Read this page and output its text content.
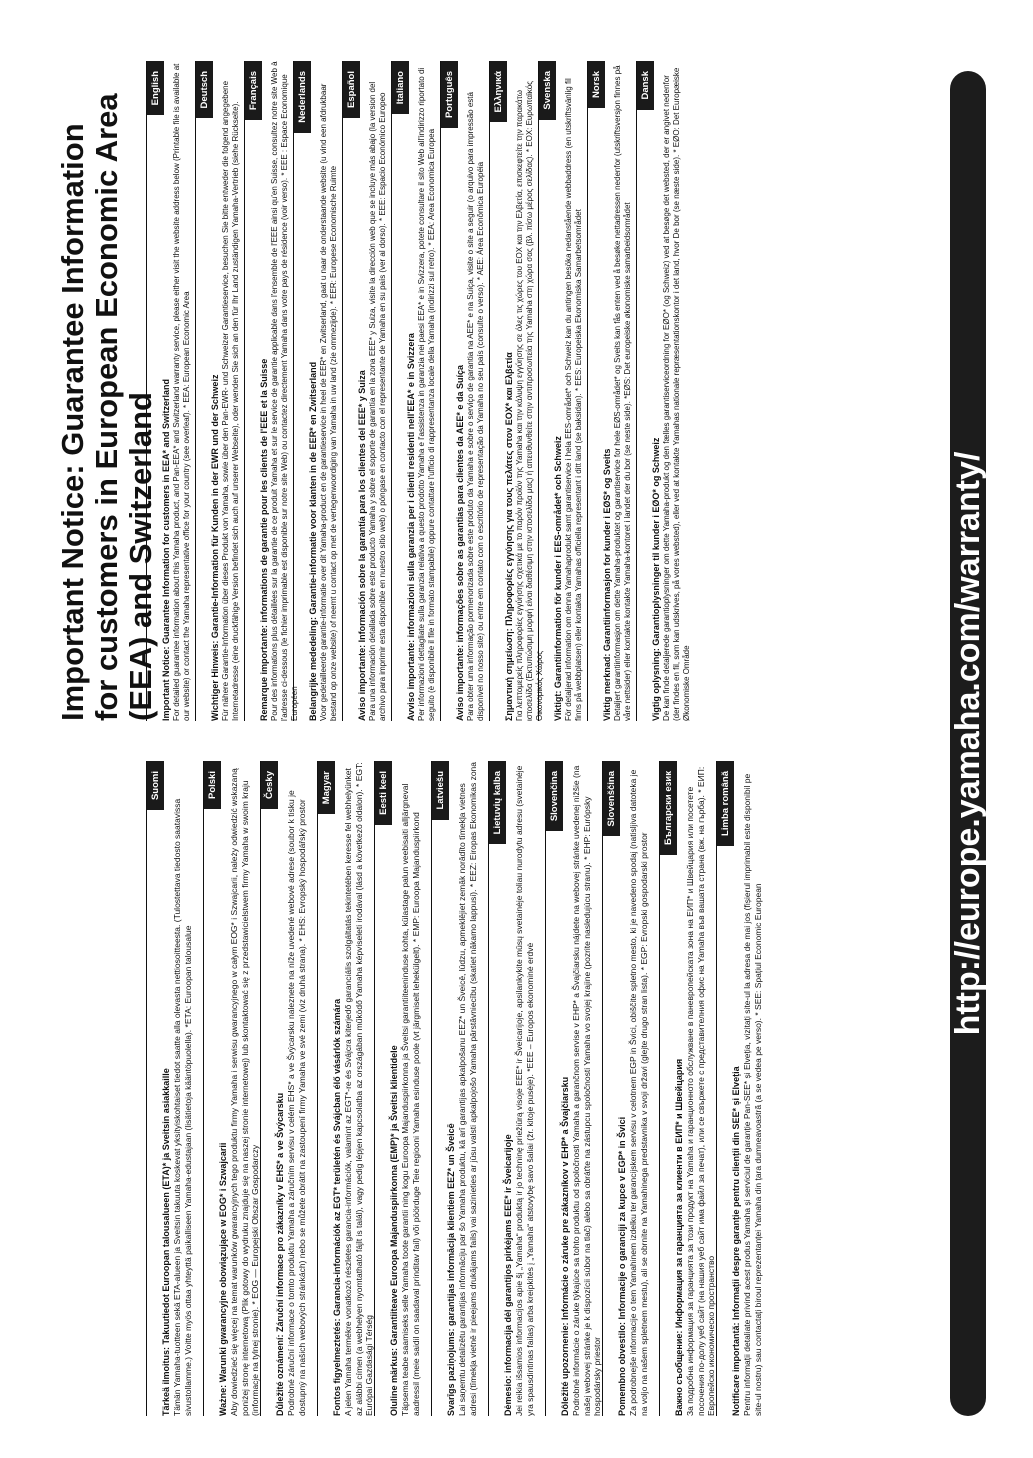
Important Notice: Guarantee Information for customers in European Economic Area (EEA) and Switzerland
English
Important Notice: Guarantee Information for customers in EEA* and Switzerland For detailed guarantee information about this Yamaha product, and Pan-EEA* and Switzerland warranty service, please either visit the website address below (Printable file is available at our website) or contact the Yamaha representative office for your country (see overleaf). * EEA: European Economic Area
Deutsch
Wichtiger Hinweis: Garantie-Information für Kunden in der EWR und der Schweiz Für nähere Garantie-Information über dieses Produkt von Yamaha, sowie über den Pan-EWR- und Schweizer Garantieservice, besuchen Sie bitte entweder die folgend angegebene Internetadresse (eine druckfähige Version befindet sich auch auf unserer Webseite), oder wenden Sie sich an den für Ihr Land zuständigen Yamaha-Vertrieb (siehe Rückseite).
Français
Remarque importante: informations de garantie pour les clients de l'EEE et la Suisse Pour des informations plus détaillées sur la garantie de ce produit Yamaha et sur le service de garantie applicable dans l'ensemble de l'EEE ainsi qu'en Suisse, consultez notre site Web à l'adresse ci-dessous (le fichier imprimable est disponible sur notre site Web) ou contactez directement Yamaha dans votre pays de résidence (voir verso). * EEE : Espace Economique Européen
Nederlands
Belangrijke mededeling: Garantie-informatie voor klanten in de EER* en Zwitserland Voor gedetailleerde garantie-informatie over dit Yamaha-product en de garantieservice in heel de EER* en Zwitserland, gaat u naar de onderstaande website (u vind een afdrukbaar bestand op onze website) of neemt u contact op met de vertegenwoordiging van Yamaha in uw land (zie ommezijde). * EER: Europese Economische Ruimte
Español
Aviso importante: Información sobre la garantía para los clientes del EEE* y Suiza Para una información detallada sobre este producto Yamaha y sobre el soporte de garantía en la zona EEE* y Suiza, visite la dirección web que se incluye más abajo (la version del archivo para imprimir esta disponible en nuestro sitio web) o póngase en contacto con el representante de Yamaha en su país (ver al dorso). * EEE: Espacio Económico Europeo
Italiano
Avviso importante: informazioni sulla garanzia per i clienti residenti nell'EEA* e in Svizzera Per informazioni dettagliate sulla garanzia relativa a questo prodotto Yamaha e l'assistenza in garanzia nei paesi EEA* e in Svizzera, potete consultare il sito Web all'indirizzo riportato di seguito (è disponibile il file in formato stampabile) oppure contattare l'ufficio di rappresentanza locale della Yamaha (indirizzi sul retro). * EEA: Area Economica Europea
Português
Aviso importante: informações sobre as garantias para clientes da AEE* e da Suíça Para obter uma informação pormenorizada sobre este produto da Yamaha e sobre o serviço de garantia na AEE* e na Suíça, visite o site a seguir (o arquivo para impressão está disponível no nosso site) ou entre em contato com o escritório de representação da Yamaha no seu país (consulte o verso). * AEE: Área Econômica Européia
Ελληνικά
Σημαντική σημείωση: Πληροφορίες εγγύησης για τους πελάτες στον ΕΟΧ* και Ελβετία Για λεπτομερείς πληροφορίες εγγύησης σχετικά με το παρόν προϊόν της Yamaha και την κάλυψη εγγύησης σε όλες τις χώρες του ΕΟΧ και την Ελβετία, επισκεφτείτε την παρακάτω ιστοσελίδα (Εκτυπώσιμη μορφή είναι διαθέσιμη στην ιστοσελίδα μας) ή απευθυνθείτε στην αντιπροσωπεία της Yamaha στη χώρα σας (βλ. πίσω μέρος σελίδας). * ΕΟΧ: Ευρωπαϊκός Οικονομικός Χώρος
Svenska
Viktigt: Garantiinformation för kunder i EES-området* och Schweiz För detaljerad information om denna Yamahaprodukt samt garantiservice i hela EES-området* och Schweiz kan du antingen besöka nedanstående webbaddress (en utskriftsvänlig fil finns på webbplatsen) eller kontakta Yamahas officiella representant i ditt land (se baksidan). * EES: Europeiska Ekonomiska Samarbetsområdet
Norsk
Viktig merknad: Garantiinformasjon for kunder i EØS* og Sveits Detaljert garantiinformasjon om dette Yamaha-produktet og garantiservice for hele EØS-området* og Sveits kan fås enten ved å besøke nettadressen nedenfor (utskriftsversjon finnes på våre nettsider) eller kontakte kontakte Yamaha-kontoret i landet der du bor (se neste side). *EØS: Det europeiske økonomiske samarbeidsområdet
Dansk
Vigtig oplysning: Garantioplysninger til kunder i EØO* og Schweiz De kan finde detaljerede garantioplysninger om dette Yamaha-produkt og den fælles garantiserviceordning for EØO* (og Schweiz) ved at besøge det websted, der er angivet nedenfor (der findes en fil, som kan udskrives, på vores websted), eller ved at kontakte Yamahas nationale repræsentationskontor i det land, hvor De bor (se næste side). * EØO: Det Europæiske Økonomiske Område
Suomi
Tärkeä ilmoitus: Takuutiedot Euroopan talousalueen (ETA)* ja Sveitsin asiakkaille Tämän Yamaha-tuotteen sekä ETA-alueen ja Sveitsin takuuta koskevat yksityiskohtaiset tiedot saatte alla olevasta nettiosoitteesta. (Tulostettava tiedosto saatavissa sivustollamme.) Voitte myös ottaa yhteyttä paikalliseen Yamaha-edustajaan (lisätietoja kääntöpuolella). *ETA: Euroopan talousalue
Polski
Ważne: Warunki gwarancyjne obowiązujące w EOG* i Szwajcarii Aby dowiedzieć się więcej na temat warunków gwarancyjnych tego produktu firmy Yamaha i serwisu gwarancyjnego w całym EOG* i Szwajcarii, należy odwiedzić wskazaną poniżej stronę internetową (Plik gotowy do wydruku znajduje się na naszej stronie internetowej) lub skontaktować się z przedstawicielstwem firmy Yamaha w swoim kraju (informacje na tylnej stronie). * EOG — Europejski Obszar Gospodarczy
Česky
Důležité oznámení: Záruční informace pro zákazníky v EHS* a ve Švýcarsku Podrobné záruční informace o tomto produktu Yamaha a záručním servisu v celém EHS* a ve Švýcarsku naleznete na níže uvedené webové adrese (soubor k tisku je dostupný na našich webových stránkách) nebo se můžete obrátit na zastoupení firmy Yamaha ve své zemi (viz druhá strana). * EHS: Evropský hospodářský prostor
Magyar
Fontos figyelmeztetés: Garancia-információk az EGT* területén és Svájcban élő vásárlók számára A jelen Yamaha termékre vonatkozó részletes garancia-információk, valamint az EGT*-re és Svájcra kiterjedő garanciális szolgáltatás tekintetében keresse fel webhelyünket az alábbi címen (a webhelyen nyomtatható fájlt is talál), vagy pedig lépjen kapcsolatba az országában működő Yamaha képviseleti irodával (lásd a következő oldalon). * EGT: Európai Gazdasági Térség
Eesti keel
Oluline märkus: Garantiiteave Euroopa Majanduspiirkonna (EMP)* ja Šveitsi klientidele Täpsema teabe saamiseks selle Yamaha toote garantii ning kogu Euroopa Majanduspiirkonna ja Šveitsi garantiiteeninduse kohta, külastage palun veebisaiti alljärgneval aadressil (meie saidil on saadaval prinditav fail) või pöörduge Teie regiooni Yamaha esinduse poole (vt järgmiselt lehekülgelt). * EMP: Euroopa Majanduspiirkond
Latviešu
Svarīgs paziņojums: garantijas informācija klientiem EEZ* un Šveicē Lai saņemtu detalizētu garantijas informāciju par šo Yamaha produktu, kā arī garantijas apkalpošanu EEZ* un Šveicē, lūdzu, apmeklējiet zemāk norādīto tīmekļa vietnes adresi (tīmekļa vietnē ir pieejams drukājams fails) vai sazinieties ar jūsu valsti apkalpojošo Yamaha pārstāvniecību (skatiet nākamo lappusi). * EEZ: Eiropas Ekonomikas zona	Lietuvių kalba
Dėmesio: informacija dėl garantijos pirkėjams EEE* ir Šveicarijoje Jei reikia išsamios informacijos apie šį „Yamaha“ produktą ir jo techninę priežiūrą visoje EEE* ir Šveicarijoje, apsilankykite mūsų svetainėje toliau nurodytu adresu (svetainėje yra spausdintinas failas) arba kreipkitės į „Yamaha“ atstovybę savo šaliai (žr. kitoje pusėje). *EEE – Europos ekonominė erdvė
Slovenčina
Dôležité upozornenie: Informácie o záruke pre zákazníkov v EHP* a Švajčiarsku Podrobné informácie o záruke týkajúce sa tohto produktu od spoločnosti Yamaha a garančnom servise v EHP* a Švajčiarsku nájdete na webovej stránke uvedenej nižšie (na našej webovej stránke je k dispozícii súbor na tlač) alebo sa obráťte na zástupcu spoločnosti Yamaha vo svojej krajine (pozrite nasledujúcu stranu). * EHP: Európsky hospodársky priestor
Slovenščina
Pomembno obvestilo: Informacije o garanciji za kupce v EGP* in Švici Za podrobnejše informacije o tem Yamahinem izdelku ter garancijskem servisu v celotnem EGP in Švici, obiščite spletno mesto, ki je navedeno spodaj (natisljiva datoteka je na voljo na našem spletnem mestu), ali se obrnite na Yamahinega predstavnika v svoji državi (glejte drugo stran lista). * EGP: Evropski gospodarski prostor
Български език
Важно съобщение: Информация за гаранцията за клиенти в ЕИП* и Швейцария За подробна информация за гаранцията за този продукт на Yamaha и гаранционното обслужване в паневропейската зона на ЕИП* и Швейцария или посетете посочения по-долу уеб сайт (на нашия уеб сайт има файл за печат), или се свържете с представителния офис на Yamaha във вашата страна (вж. на гърба). * ЕИП: Европейско икономическо пространство
Limba română
Notificare importantă: Informații despre garanție pentru clienții din SEE* și Elveția Pentru informații detaliate privind acest produs Yamaha și serviciul de garanție Pan-SEE* și Elveția, vizitați site-ul la adresa de mai jos (fișierul imprimabil este disponibil pe site-ul nostru) sau contactați biroul reprezentanței Yamaha din țara dumneavoastră (a se vedea pe verso). * SEE: Spațiul Economic European
http://europe.yamaha.com/warranty/
